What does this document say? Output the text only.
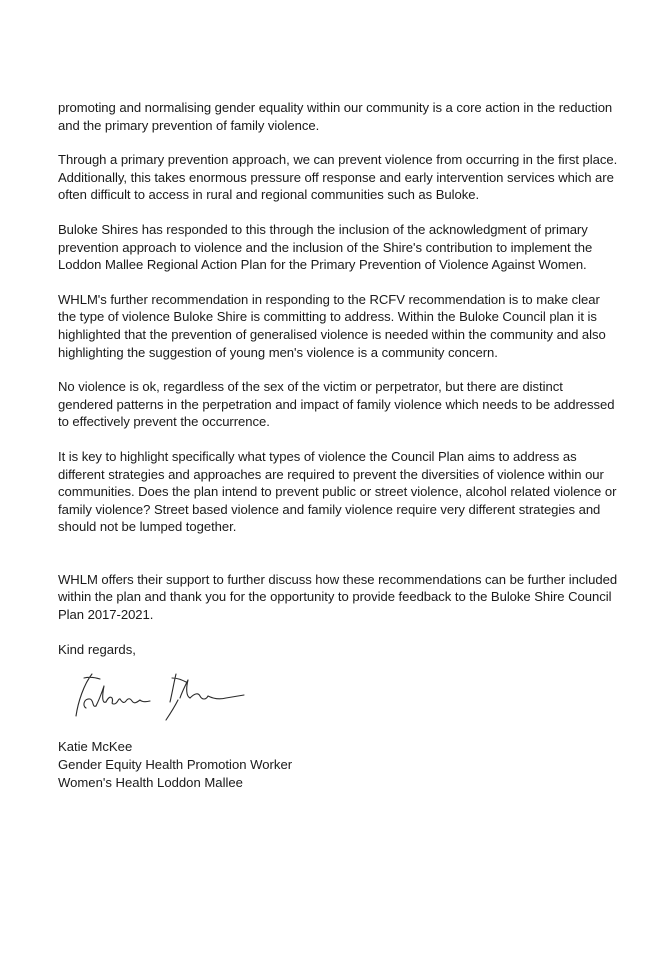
promoting and normalising gender equality within our community is a core action in the reduction and the primary prevention of family violence.

Through a primary prevention approach, we can prevent violence from occurring in the first place. Additionally, this takes enormous pressure off response and early intervention services which are often difficult to access in rural and regional communities such as Buloke.

Buloke Shires has responded to this through the inclusion of the acknowledgment of primary prevention approach to violence and the inclusion of the Shire's contribution to implement the Loddon Mallee Regional Action Plan for the Primary Prevention of Violence Against Women.

WHLM's further recommendation in responding to the RCFV recommendation is to make clear the type of violence Buloke Shire is committing to address. Within the Buloke Council plan it is highlighted that the prevention of generalised violence is needed within the community and also highlighting the suggestion of young men's violence is a community concern.

No violence is ok, regardless of the sex of the victim or perpetrator, but there are distinct gendered patterns in the perpetration and impact of family violence which needs to be addressed to effectively prevent the occurrence.

It is key to highlight specifically what types of violence the Council Plan aims to address as different strategies and approaches are required to prevent the diversities of violence within our communities. Does the plan intend to prevent public or street violence, alcohol related violence or family violence? Street based violence and family violence require very different strategies and should not be lumped together.

WHLM offers their support to further discuss how these recommendations can be further included within the plan and thank you for the opportunity to provide feedback to the Buloke Shire Council Plan 2017-2021.

Kind regards,

Katie McKee
Gender Equity Health Promotion Worker
Women's Health Loddon Mallee
